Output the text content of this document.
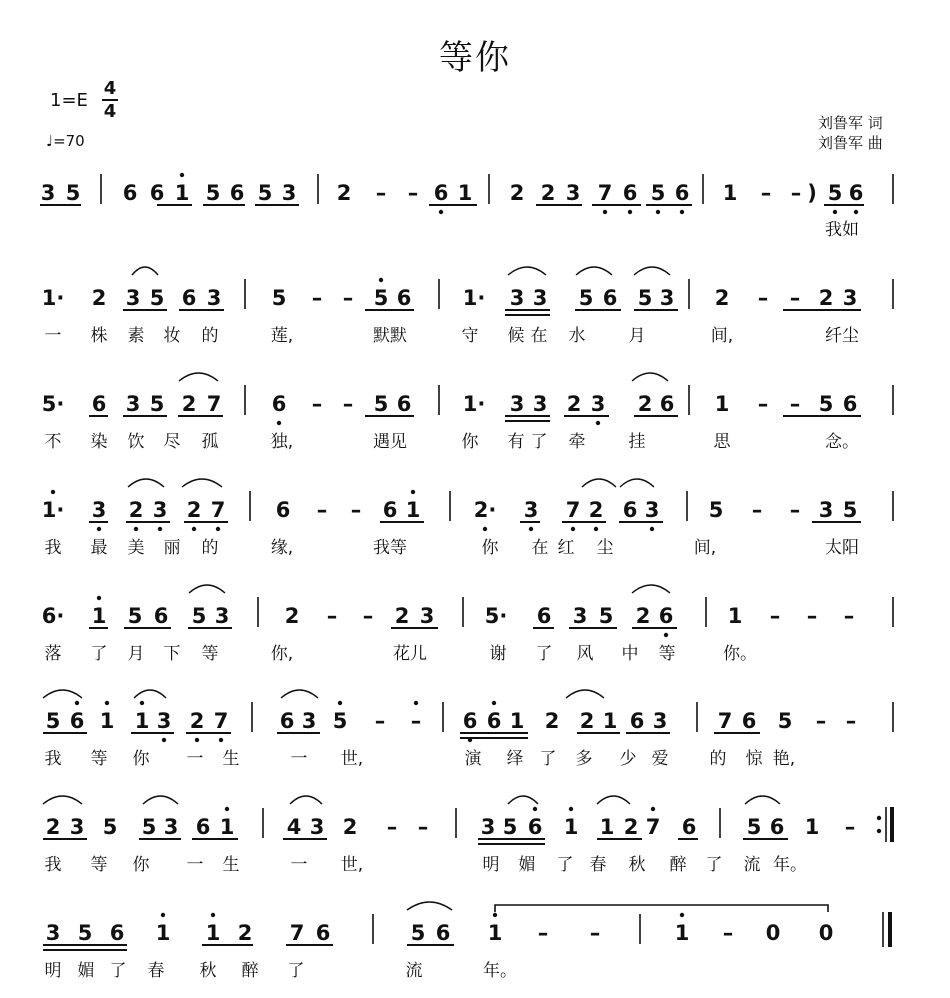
等你
1=E
4
4
♩=70
刘鲁军 词
刘鲁军 曲
3 5 6 6 1 5 6 5 3 2 – – 6 1 2 2 3 7 6 5 6 1 – – ) 5 6
我如
1· 2 3 5 6 3 5 – – 5 6 1· 3 3 5 6 5 3 2 – – 2 3
一 株 素 妆 的	莲,	默默	守 候 在 水	月	间,	纤尘
5· 6 3 5 2 7 6 – – 5 6 1· 3 3 2 3 2 6 1 – – 5 6
不 染 饮 尽 孤	独,	遇见	你 有 了 牵	挂	思	念。
1· 3 2 3 2 7 6 – – 6 1	2· 3 7 2 6 3 5 – – 3 5
我 最 美 丽 的	缘,	我等	你 在 红 尘	间,	太阳
6· 1 5 6 5 3	2 – – 2 3 5· 6 3 5 2 6	1 – – –
落 了 月 下 等	你,	花儿	谢 了 风 中 等	你。
5 6 1 1 3 2 7 6 3 5 – – 6 6 1 2 2 1 6 3 7 6 5 – –
我 等 你 一 生	一 世,	演 绎 了 多 少 爱 的 惊 艳,
2 3 5 5 3 6 1 4 3 2 – – 3 5 6 1 1 2 7 6 5 6 1 –
我 等 你 一 生	一 世,	明 媚 了 春 秋 醉 了 流 年。
3 5 6 1 1 2 7 6	5 6 1 – –	1 – 0 0
明 媚 了 春 秋 醉 了	流	年。
